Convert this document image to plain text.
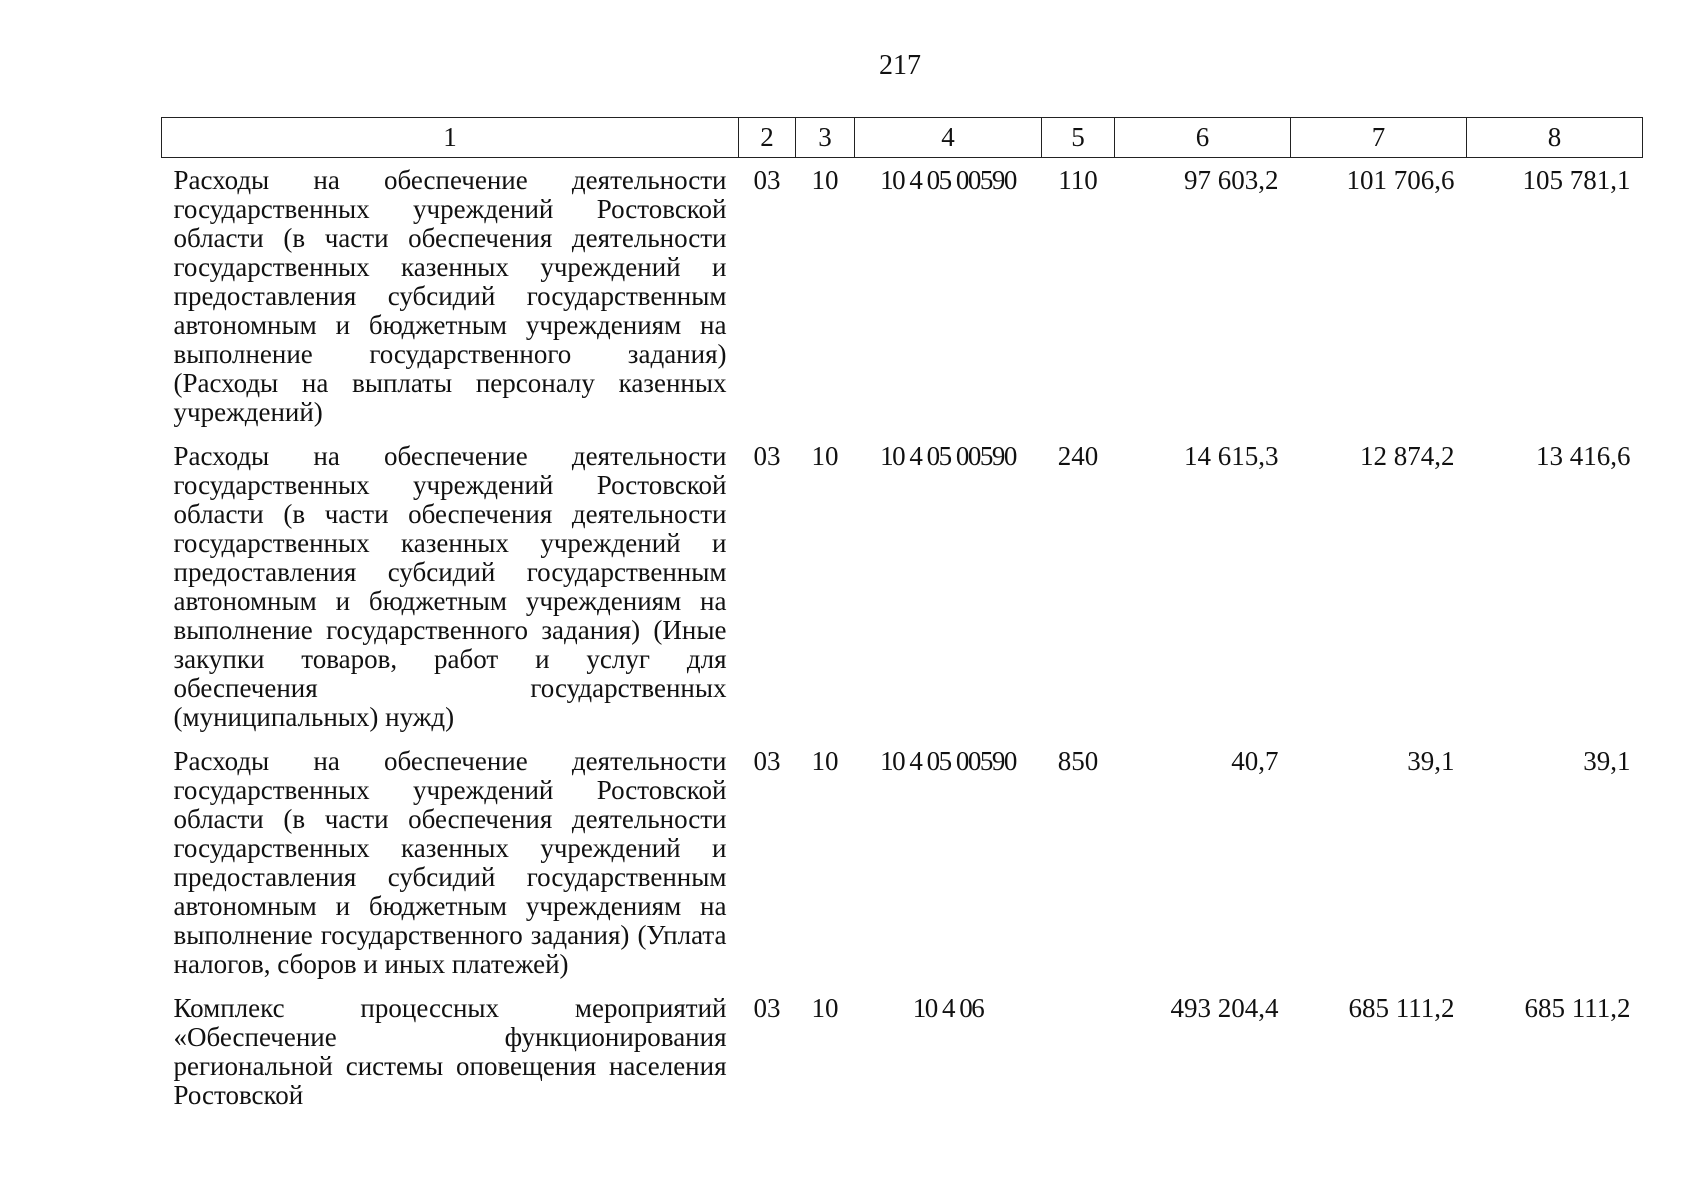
217
1	2	3	4	5	6	7	8
Расходы на обеспечение деятельности государственных учреждений Ростовской области (в части обеспечения деятельности государственных казенных учреждений и предоставления субсидий государственным автономным и бюджетным учреждениям на выполнение государственного задания) (Расходы на выплаты персоналу казенных учреждений)	03	10	10 4 05 00590	110	97 603,2	101 706,6	105 781,1
Расходы на обеспечение деятельности государственных учреждений Ростовской области (в части обеспечения деятельности государственных казенных учреждений и предоставления субсидий государственным автономным и бюджетным учреждениям на выполнение государственного задания) (Иные закупки товаров, работ и услуг для обеспечения государственных (муниципальных) нужд)	03	10	10 4 05 00590	240	14 615,3	12 874,2	13 416,6
Расходы на обеспечение деятельности государственных учреждений Ростовской области (в части обеспечения деятельности государственных казенных учреждений и предоставления субсидий государственным автономным и бюджетным учреждениям на выполнение государственного задания) (Уплата налогов, сборов и иных платежей)	03	10	10 4 05 00590	850	40,7	39,1	39,1
Комплекс процессных мероприятий «Обеспечение функционирования региональной системы оповещения населения Ростовской	03	10	10 4 06		493 204,4	685 111,2	685 111,2
